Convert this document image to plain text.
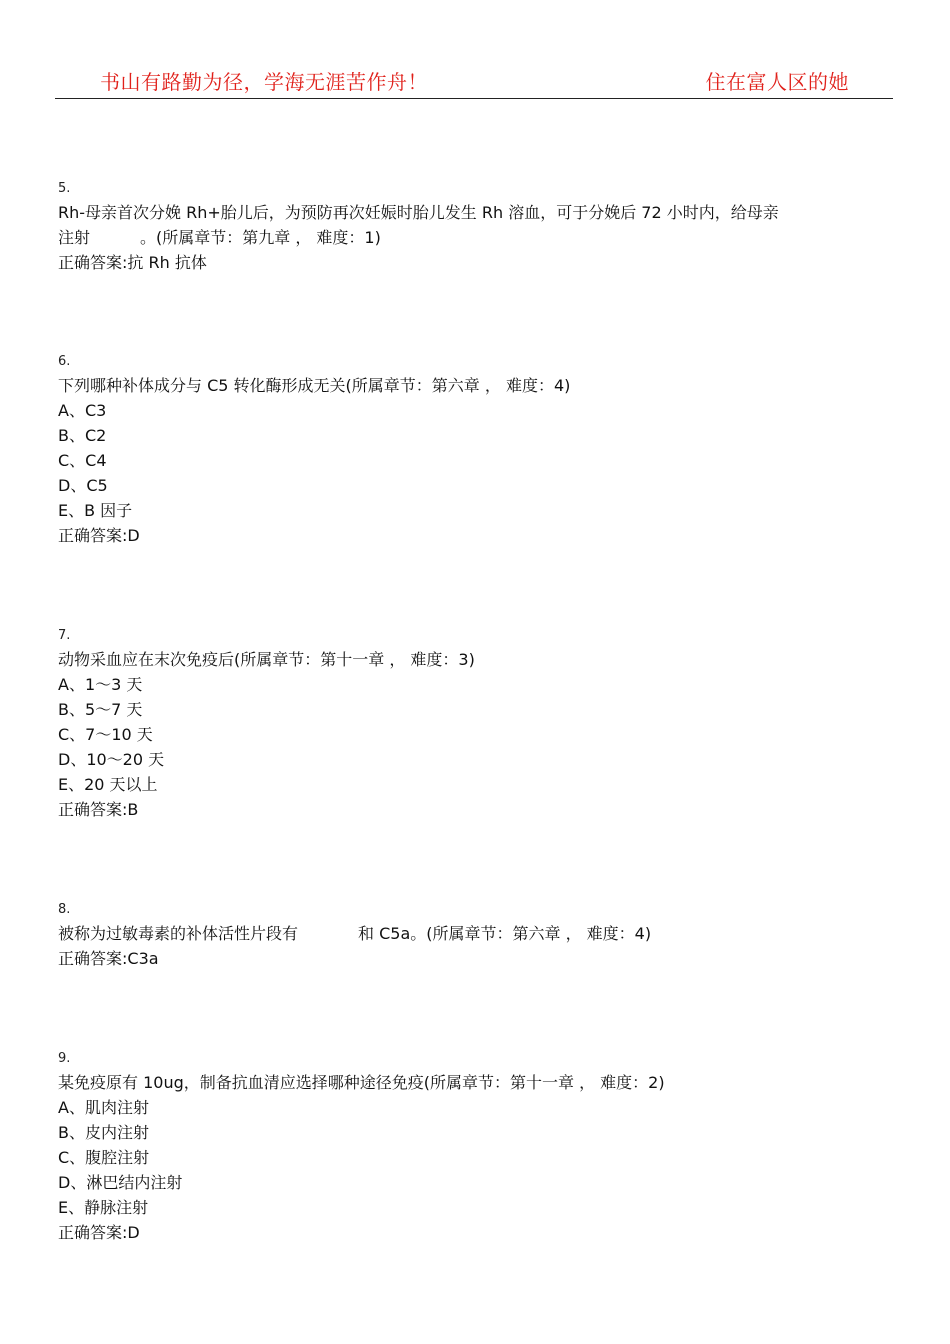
书山有路勤为径，学海无涯苦作舟！	住在富人区的她
5.
Rh-母亲首次分娩 Rh+胎儿后，为预防再次妊娠时胎儿发生 Rh 溶血，可于分娩后 72 小时内，给母亲
注射	。(所属章节：第九章 ， 难度：1)
正确答案:抗 Rh 抗体
6.
下列哪种补体成分与 C5 转化酶形成无关(所属章节：第六章 ， 难度：4)
A、C3
B、C2
C、C4
D、C5
E、B 因子
正确答案:D
7.
动物采血应在末次免疫后(所属章节：第十一章 ， 难度：3)
A、1～3 天
B、5～7 天
C、7～10 天
D、10～20 天
E、20 天以上
正确答案:B
8.
被称为过敏毒素的补体活性片段有	和 C5a。(所属章节：第六章 ， 难度：4)
正确答案:C3a
9.
某免疫原有 10ug，制备抗血清应选择哪种途径免疫(所属章节：第十一章 ， 难度：2)
A、肌肉注射
B、皮内注射
C、腹腔注射
D、淋巴结内注射
E、静脉注射
正确答案:D
